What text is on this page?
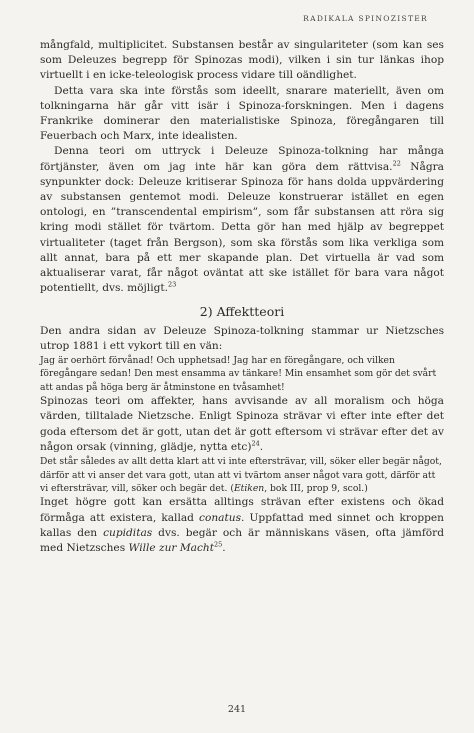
RADIKALA SPINOZISTER

mångfald, multiplicitet. Substansen består av singulariteter (som kan ses som Deleuzes begrepp för Spinozas modi), vilken i sin tur länkas ihop virtuellt i en icke-teleologisk process vidare till oändlighet.

Detta vara ska inte förstås som ideellt, snarare materiellt, även om tolkningarna här går vitt isär i Spinoza-forskningen. Men i dagens Frankrike dominerar den materialistiske Spinoza, föregångaren till Feuerbach och Marx, inte idealisten.

Denna teori om uttryck i Deleuze Spinoza-tolkning har många förtjänster, även om jag inte här kan göra dem rättvisa.$^{22}$ Några synpunkter dock: Deleuze kritiserar Spinoza för hans dolda uppvärdering av substansen gentemot modi. Deleuze konstruerar istället en egen ontologi, en ”transcendental empirism”, som får substansen att röra sig kring modi stället för tvärtom. Detta gör han med hjälp av begreppet virtualiteter (taget från Bergson), som ska förstås som lika verkliga som allt annat, bara på ett mer skapande plan. Det virtuella är vad som aktualiserar varat, får något oväntat att ske istället för bara vara något potentiellt, dvs. möjligt.$^{23}$

2) Affektteori

Den andra sidan av Deleuze Spinoza-tolkning stammar ur Nietzsches utrop 1881 i ett vykort till en vän:

Jag är oerhört förvånad! Och upphetsad! Jag har en föregångare, och vilken föregångare sedan! Den mest ensamma av tänkare! Min ensamhet som gör det svårt att andas på höga berg är åtminstone en tvåsamhet!

Spinozas teori om affekter, hans avvisande av all moralism och höga värden, tilltalade Nietzsche. Enligt Spinoza strävar vi efter inte efter det goda eftersom det är gott, utan det är gott eftersom vi strävar efter det av någon orsak (vinning, glädje, nytta etc)$^{24}$.

Det står således av allt detta klart att vi inte eftersträvar, vill, söker eller begär något, därför att vi anser det vara gott, utan att vi tvärtom anser något vara gott, därför att vi eftersträvar, vill, söker och begär det. (Etiken, bok III, prop 9, scol.)

Inget högre gott kan ersätta alltings strävan efter existens och ökad förmåga att existera, kallad conatus. Uppfattad med sinnet och kroppen kallas den cupiditas dvs. begär och är människans väsen, ofta jämförd med Nietzsches Wille zur Macht$^{25}$.

241
